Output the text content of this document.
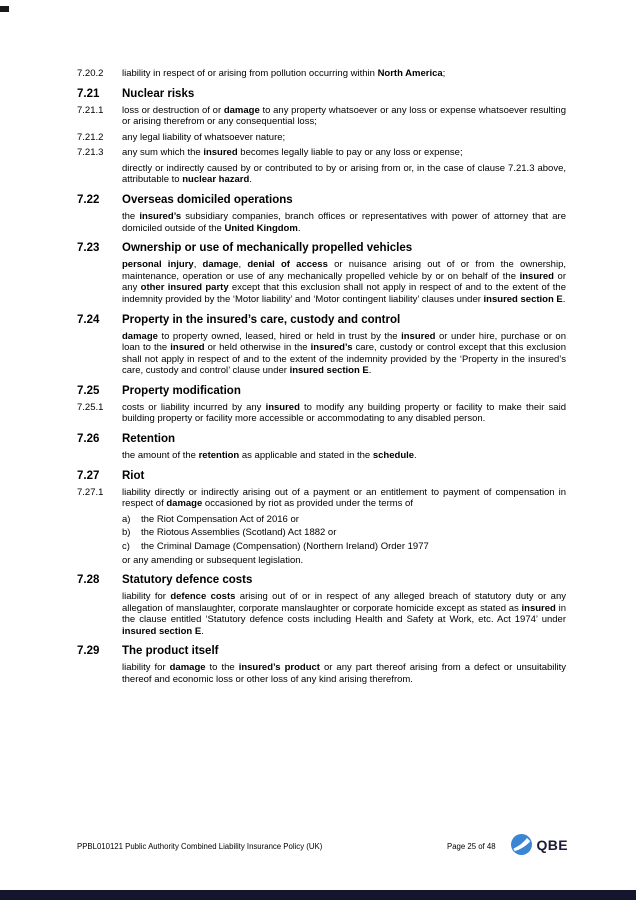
7.20.2	liability in respect of or arising from pollution occurring within North America;
7.21	Nuclear risks
7.21.1	loss or destruction of or damage to any property whatsoever or any loss or expense whatsoever resulting or arising therefrom or any consequential loss;
7.21.2	any legal liability of whatsoever nature;
7.21.3	any sum which the insured becomes legally liable to pay or any loss or expense;
directly or indirectly caused by or contributed to by or arising from or, in the case of clause 7.21.3 above, attributable to nuclear hazard.
7.22	Overseas domiciled operations
the insured’s subsidiary companies, branch offices or representatives with power of attorney that are domiciled outside of the United Kingdom.
7.23	Ownership or use of mechanically propelled vehicles
personal injury, damage, denial of access or nuisance arising out of or from the ownership, maintenance, operation or use of any mechanically propelled vehicle by or on behalf of the insured or any other insured party except that this exclusion shall not apply in respect of and to the extent of the indemnity provided by the ‘Motor liability’ and ‘Motor contingent liability’ clauses under insured section E.
7.24	Property in the insured’s care, custody and control
damage to property owned, leased, hired or held in trust by the insured or under hire, purchase or on loan to the insured or held otherwise in the insured’s care, custody or control except that this exclusion shall not apply in respect of and to the extent of the indemnity provided by the ‘Property in the insured’s care, custody and control’ clause under insured section E.
7.25	Property modification
7.25.1	costs or liability incurred by any insured to modify any building property or facility to make their said building property or facility more accessible or accommodating to any disabled person.
7.26	Retention
the amount of the retention as applicable and stated in the schedule.
7.27	Riot
7.27.1	liability directly or indirectly arising out of a payment or an entitlement to payment of compensation in respect of damage occasioned by riot as provided under the terms of
a) the Riot Compensation Act of 2016 or
b) the Riotous Assemblies (Scotland) Act 1882 or
c) the Criminal Damage (Compensation) (Northern Ireland) Order 1977
or any amending or subsequent legislation.
7.28	Statutory defence costs
liability for defence costs arising out of or in respect of any alleged breach of statutory duty or any allegation of manslaughter, corporate manslaughter or corporate homicide except as stated as insured in the clause entitled ‘Statutory defence costs including Health and Safety at Work, etc. Act 1974’ under insured section E.
7.29	The product itself
liability for damage to the insured’s product or any part thereof arising from a defect or unsuitability thereof and economic loss or other loss of any kind arising therefrom.
PPBL010121 Public Authority Combined Liability Insurance Policy (UK)	Page 25 of 48	QBE
